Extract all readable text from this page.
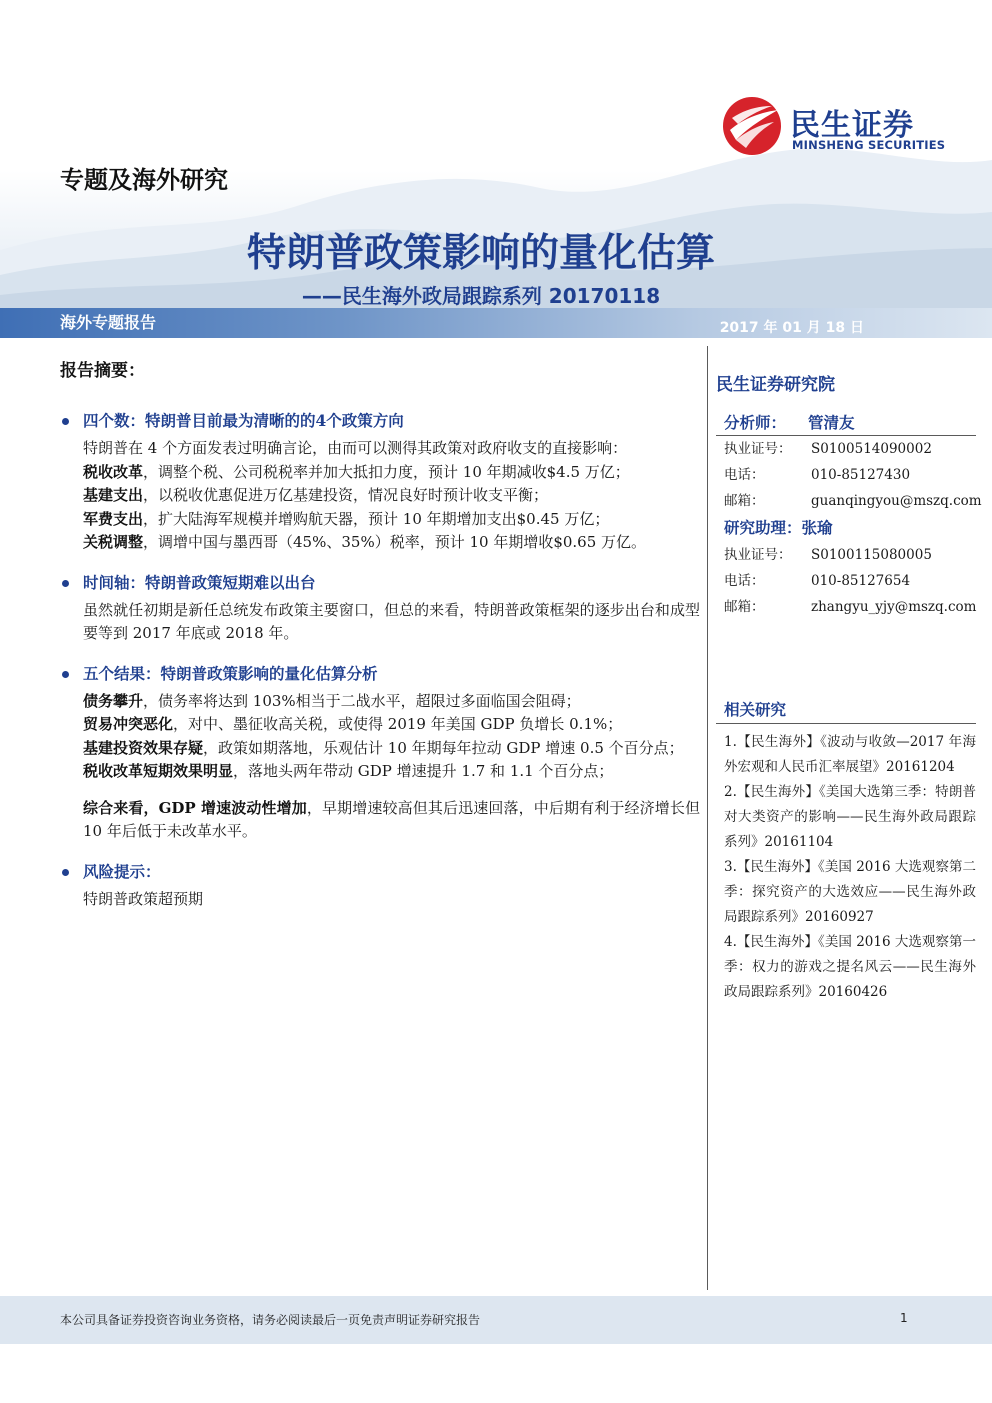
民生证券
MINSHENG SECURITIES
专题及海外研究
特朗普政策影响的量化估算
——民生海外政局跟踪系列 20170118
海外专题报告	2017 年 01 月 18 日
报告摘要：
四个数：特朗普目前最为清晰的的4个政策方向
特朗普在 4 个方面发表过明确言论，由而可以测得其政策对政府收支的直接影响：
税收改革，调整个税、公司税税率并加大抵扣力度，预计 10 年期减收$4.5 万亿；
基建支出，以税收优惠促进万亿基建投资，情况良好时预计收支平衡；
军费支出，扩大陆海军规模并增购航天器，预计 10 年期增加支出$0.45 万亿；
关税调整，调增中国与墨西哥（45%、35%）税率，预计 10 年期增收$0.65 万亿。
时间轴：特朗普政策短期难以出台
虽然就任初期是新任总统发布政策主要窗口，但总的来看，特朗普政策框架的逐步出台和成型要等到 2017 年底或 2018 年。
五个结果：特朗普政策影响的量化估算分析
债务攀升，债务率将达到 103%相当于二战水平，超限过多面临国会阻碍；
贸易冲突恶化，对中、墨征收高关税，或使得 2019 年美国 GDP 负增长 0.1%；
基建投资效果存疑，政策如期落地，乐观估计 10 年期每年拉动 GDP 增速 0.5 个百分点；
税收改革短期效果明显，落地头两年带动 GDP 增速提升 1.7 和 1.1 个百分点；
综合来看，GDP 增速波动性增加，早期增速较高但其后迅速回落，中后期有利于经济增长但 10 年后低于未改革水平。
风险提示：
特朗普政策超预期
民生证券研究院
分析师： 管清友
执业证号： S0100514090002
电话：	010-85127430
邮箱：	guanqingyou@mszq.com
研究助理：张瑜
执业证号： S0100115080005
电话：	010-85127654
邮箱：	zhangyu_yjy@mszq.com
相关研究
1.【民生海外】《波动与收敛—2017 年海外宏观和人民币汇率展望》20161204
2.【民生海外】《美国大选第三季：特朗普对大类资产的影响——民生海外政局跟踪系列》20161104
3.【民生海外】《美国 2016 大选观察第二季：探究资产的大选效应——民生海外政局跟踪系列》20160927
4.【民生海外】《美国 2016 大选观察第一季：权力的游戏之提名风云——民生海外政局跟踪系列》20160426
本公司具备证券投资咨询业务资格，请务必阅读最后一页免责声明证券研究报告	1
